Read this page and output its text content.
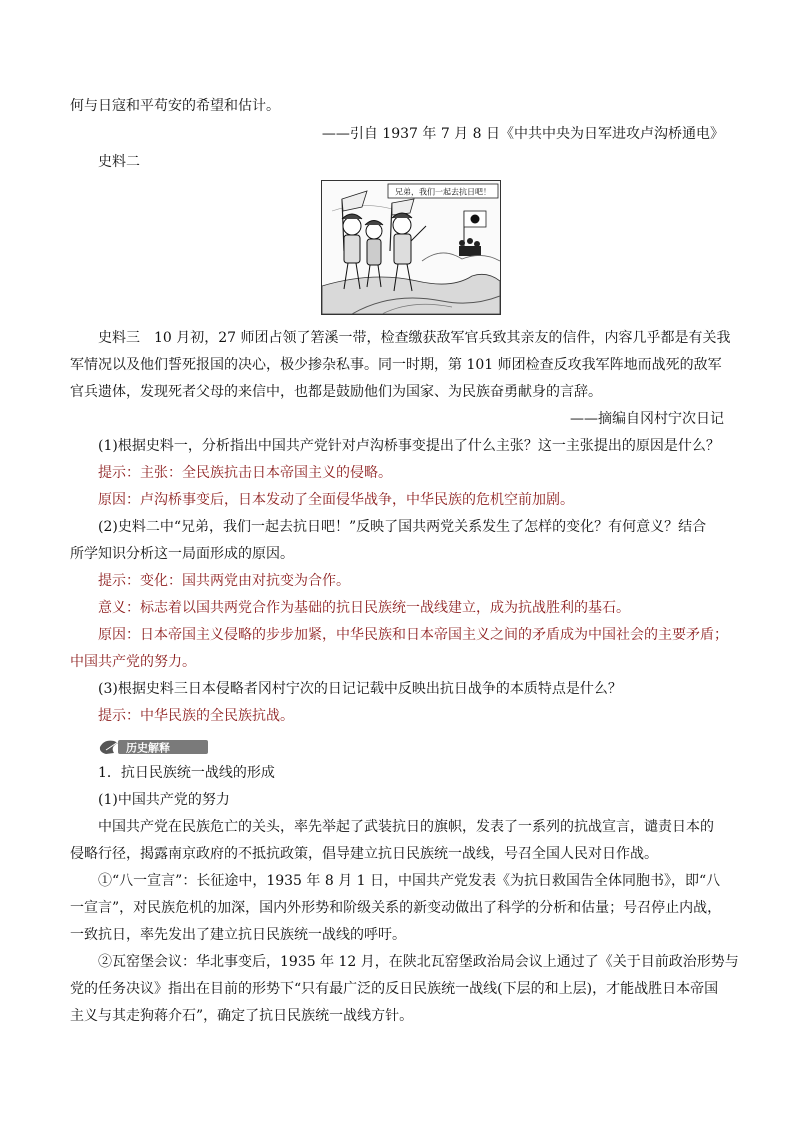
何与日寇和平苟安的希望和估计。
——引自 1937 年 7 月 8 日《中共中央为日军进攻卢沟桥通电》
史料二
兄弟，我们一起去抗日吧！
史料三　10 月初，27 师团占领了箬溪一带，检查缴获敌军官兵致其亲友的信件，内容几乎都是有关我
军情况以及他们誓死报国的决心，极少掺杂私事。同一时期，第 101 师团检查反攻我军阵地而战死的敌军
官兵遗体，发现死者父母的来信中，也都是鼓励他们为国家、为民族奋勇献身的言辞。
——摘编自冈村宁次日记
(1)根据史料一，分析指出中国共产党针对卢沟桥事变提出了什么主张？这一主张提出的原因是什么？
提示：主张：全民族抗击日本帝国主义的侵略。
原因：卢沟桥事变后，日本发动了全面侵华战争，中华民族的危机空前加剧。
(2)史料二中“兄弟，我们一起去抗日吧！”反映了国共两党关系发生了怎样的变化？有何意义？结合
所学知识分析这一局面形成的原因。
提示：变化：国共两党由对抗变为合作。
意义：标志着以国共两党合作为基础的抗日民族统一战线建立，成为抗战胜利的基石。
原因：日本帝国主义侵略的步步加紧，中华民族和日本帝国主义之间的矛盾成为中国社会的主要矛盾；
中国共产党的努力。
(3)根据史料三日本侵略者冈村宁次的日记记载中反映出抗日战争的本质特点是什么？
提示：中华民族的全民族抗战。
历史解释
1．抗日民族统一战线的形成
(1)中国共产党的努力
中国共产党在民族危亡的关头，率先举起了武装抗日的旗帜，发表了一系列的抗战宣言，谴责日本的
侵略行径，揭露南京政府的不抵抗政策，倡导建立抗日民族统一战线，号召全国人民对日作战。
①“八一宣言”：长征途中，1935 年 8 月 1 日，中国共产党发表《为抗日救国告全体同胞书》，即“八
一宣言”，对民族危机的加深，国内外形势和阶级关系的新变动做出了科学的分析和估量；号召停止内战，
一致抗日，率先发出了建立抗日民族统一战线的呼吁。
②瓦窑堡会议：华北事变后，1935 年 12 月，在陕北瓦窑堡政治局会议上通过了《关于目前政治形势与
党的任务决议》指出在目前的形势下“只有最广泛的反日民族统一战线(下层的和上层)，才能战胜日本帝国
主义与其走狗蒋介石”，确定了抗日民族统一战线方针。
